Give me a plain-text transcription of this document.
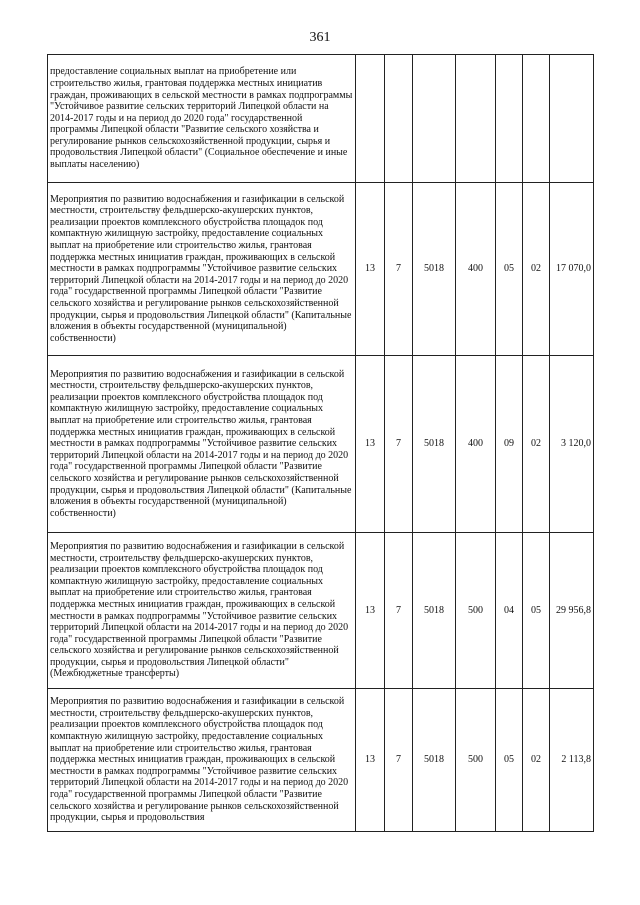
361
предоставление социальных выплат на приобретение или строительство жилья, грантовая поддержка местных инициатив граждан, проживающих в сельской местности в рамках подпрограммы "Устойчивое развитие сельских территорий Липецкой области на 2014-2017 годы и на период до 2020 года" государственной программы Липецкой области "Развитие сельского хозяйства и регулирование рынков сельскохозяйственной продукции, сырья и продовольствия Липецкой области" (Социальное обеспечение и иные выплаты населению)							
Мероприятия по развитию водоснабжения и газификации в сельской местности, строительству фельдшерско-акушерских пунктов, реализации проектов комплексного обустройства площадок под компактную жилищную застройку, предоставление социальных выплат на приобретение или строительство жилья, грантовая поддержка местных инициатив граждан, проживающих в сельской местности в рамках подпрограммы "Устойчивое развитие сельских территорий Липецкой области на 2014-2017 годы и на период до 2020 года" государственной программы Липецкой области "Развитие сельского хозяйства и регулирование рынков сельскохозяйственной продукции, сырья и продовольствия Липецкой области" (Капитальные вложения в объекты государственной (муниципальной) собственности)	13	7	5018	400	05	02	17 070,0
Мероприятия по развитию водоснабжения и газификации в сельской местности, строительству фельдшерско-акушерских пунктов, реализации проектов комплексного обустройства площадок под компактную жилищную застройку, предоставление социальных выплат на приобретение или строительство жилья, грантовая поддержка местных инициатив граждан, проживающих в сельской местности в рамках подпрограммы "Устойчивое развитие сельских территорий Липецкой области на 2014-2017 годы и на период до 2020 года" государственной программы Липецкой области "Развитие сельского хозяйства и регулирование рынков сельскохозяйственной продукции, сырья и продовольствия Липецкой области" (Капитальные вложения в объекты государственной (муниципальной) собственности)	13	7	5018	400	09	02	3 120,0
Мероприятия по развитию водоснабжения и газификации в сельской местности, строительству фельдшерско-акушерских пунктов, реализации проектов комплексного обустройства площадок под компактную жилищную застройку, предоставление социальных выплат на приобретение или строительство жилья, грантовая поддержка местных инициатив граждан, проживающих в сельской местности в рамках подпрограммы "Устойчивое развитие сельских территорий Липецкой области на 2014-2017 годы и на период до 2020 года" государственной программы Липецкой области "Развитие сельского хозяйства и регулирование рынков сельскохозяйственной продукции, сырья и продовольствия Липецкой области" (Межбюджетные трансферты)	13	7	5018	500	04	05	29 956,8
Мероприятия по развитию водоснабжения и газификации в сельской местности, строительству фельдшерско-акушерских пунктов, реализации проектов комплексного обустройства площадок под компактную жилищную застройку, предоставление социальных выплат на приобретение или строительство жилья, грантовая поддержка местных инициатив граждан, проживающих в сельской местности в рамках подпрограммы "Устойчивое развитие сельских территорий Липецкой области на 2014-2017 годы и на период до 2020 года" государственной программы Липецкой области "Развитие сельского хозяйства и регулирование рынков сельскохозяйственной продукции, сырья и продовольствия	13	7	5018	500	05	02	2 113,8
